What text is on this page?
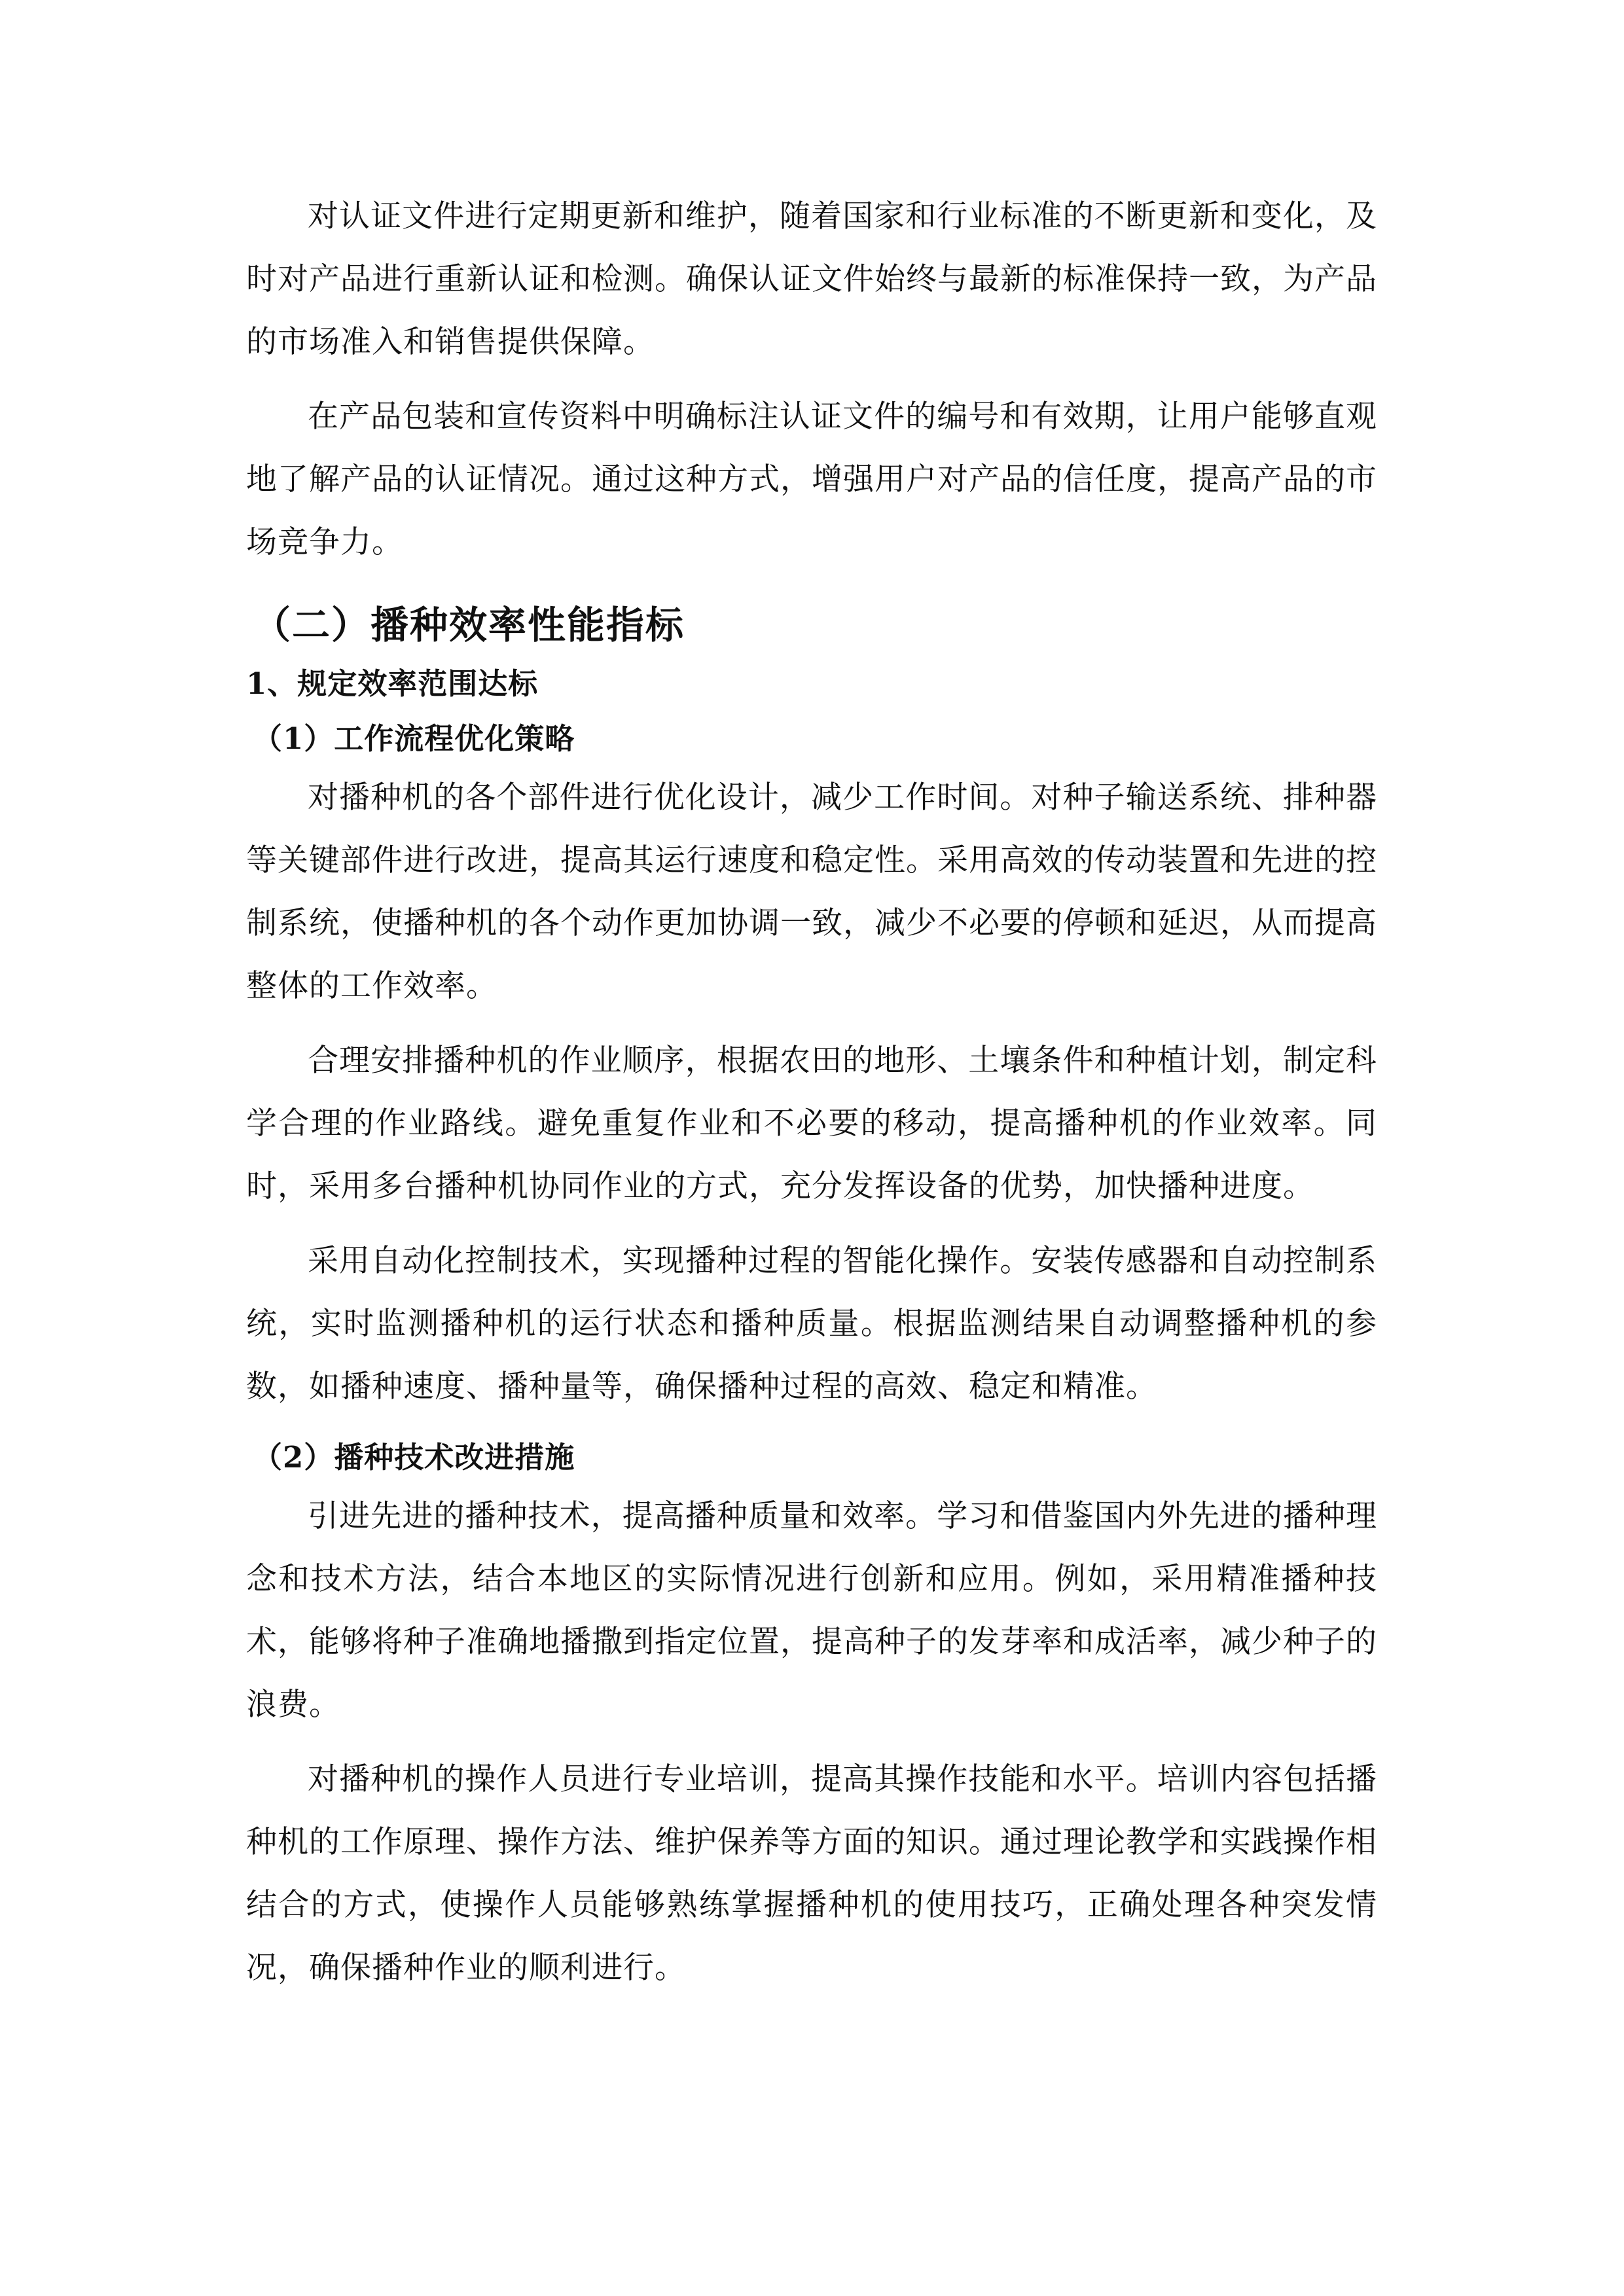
对认证文件进行定期更新和维护，随着国家和行业标准的不断更新和变化，及时对产品进行重新认证和检测。确保认证文件始终与最新的标准保持一致，为产品的市场准入和销售提供保障。

在产品包装和宣传资料中明确标注认证文件的编号和有效期，让用户能够直观地了解产品的认证情况。通过这种方式，增强用户对产品的信任度，提高产品的市场竞争力。

（二）播种效率性能指标
1、规定效率范围达标
（1）工作流程优化策略

对播种机的各个部件进行优化设计，减少工作时间。对种子输送系统、排种器等关键部件进行改进，提高其运行速度和稳定性。采用高效的传动装置和先进的控制系统，使播种机的各个动作更加协调一致，减少不必要的停顿和延迟，从而提高整体的工作效率。

合理安排播种机的作业顺序，根据农田的地形、土壤条件和种植计划，制定科学合理的作业路线。避免重复作业和不必要的移动，提高播种机的作业效率。同时，采用多台播种机协同作业的方式，充分发挥设备的优势，加快播种进度。

采用自动化控制技术，实现播种过程的智能化操作。安装传感器和自动控制系统，实时监测播种机的运行状态和播种质量。根据监测结果自动调整播种机的参数，如播种速度、播种量等，确保播种过程的高效、稳定和精准。

（2）播种技术改进措施

引进先进的播种技术，提高播种质量和效率。学习和借鉴国内外先进的播种理念和技术方法，结合本地区的实际情况进行创新和应用。例如，采用精准播种技术，能够将种子准确地播撒到指定位置，提高种子的发芽率和成活率，减少种子的浪费。

对播种机的操作人员进行专业培训，提高其操作技能和水平。培训内容包括播种机的工作原理、操作方法、维护保养等方面的知识。通过理论教学和实践操作相结合的方式，使操作人员能够熟练掌握播种机的使用技巧，正确处理各种突发情况，确保播种作业的顺利进行。
